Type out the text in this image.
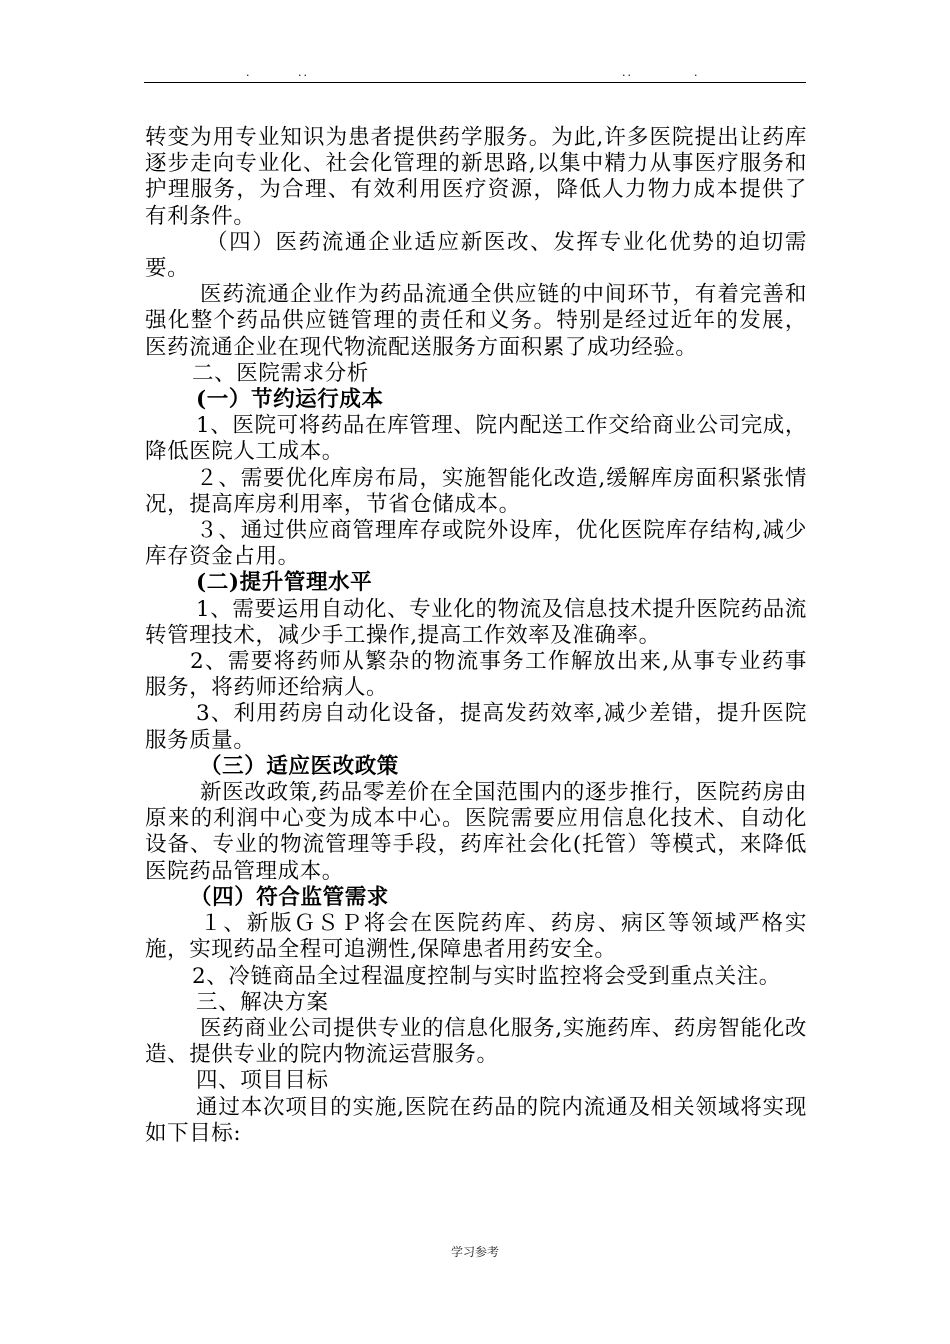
.	..	..	.

转变为用专业知识为患者提供药学服务。为此,许多医院提出让药库逐步走向专业化、社会化管理的新思路,以集中精力从事医疗服务和护理服务，为合理、有效利用医疗资源，降低人力物力成本提供了有利条件。

（四）医药流通企业适应新医改、发挥专业化优势的迫切需要。

医药流通企业作为药品流通全供应链的中间环节，有着完善和强化整个药品供应链管理的责任和义务。特别是经过近年的发展，医药流通企业在现代物流配送服务方面积累了成功经验。

二、医院需求分析

(一）节约运行成本

1、医院可将药品在库管理、院内配送工作交给商业公司完成，降低医院人工成本。

２、需要优化库房布局，实施智能化改造,缓解库房面积紧张情况，提高库房利用率，节省仓储成本。

３、通过供应商管理库存或院外设库，优化医院库存结构,减少库存资金占用。

(二)提升管理水平

1、需要运用自动化、专业化的物流及信息技术提升医院药品流转管理技术，减少手工操作,提高工作效率及准确率。

2、需要将药师从繁杂的物流事务工作解放出来,从事专业药事服务，将药师还给病人。

3、利用药房自动化设备，提高发药效率,减少差错，提升医院服务质量。

（三）适应医改政策

新医改政策,药品零差价在全国范围内的逐步推行，医院药房由原来的利润中心变为成本中心。医院需要应用信息化技术、自动化设备、专业的物流管理等手段，药库社会化(托管）等模式，来降低医院药品管理成本。

（四）符合监管需求

１、新版ＧＳＰ将会在医院药库、药房、病区等领域严格实施，实现药品全程可追溯性,保障患者用药安全。

2、冷链商品全过程温度控制与实时监控将会受到重点关注。

三、解决方案

医药商业公司提供专业的信息化服务,实施药库、药房智能化改造、提供专业的院内物流运营服务。

四、项目目标

通过本次项目的实施,医院在药品的院内流通及相关领域将实现如下目标:

学习参考
